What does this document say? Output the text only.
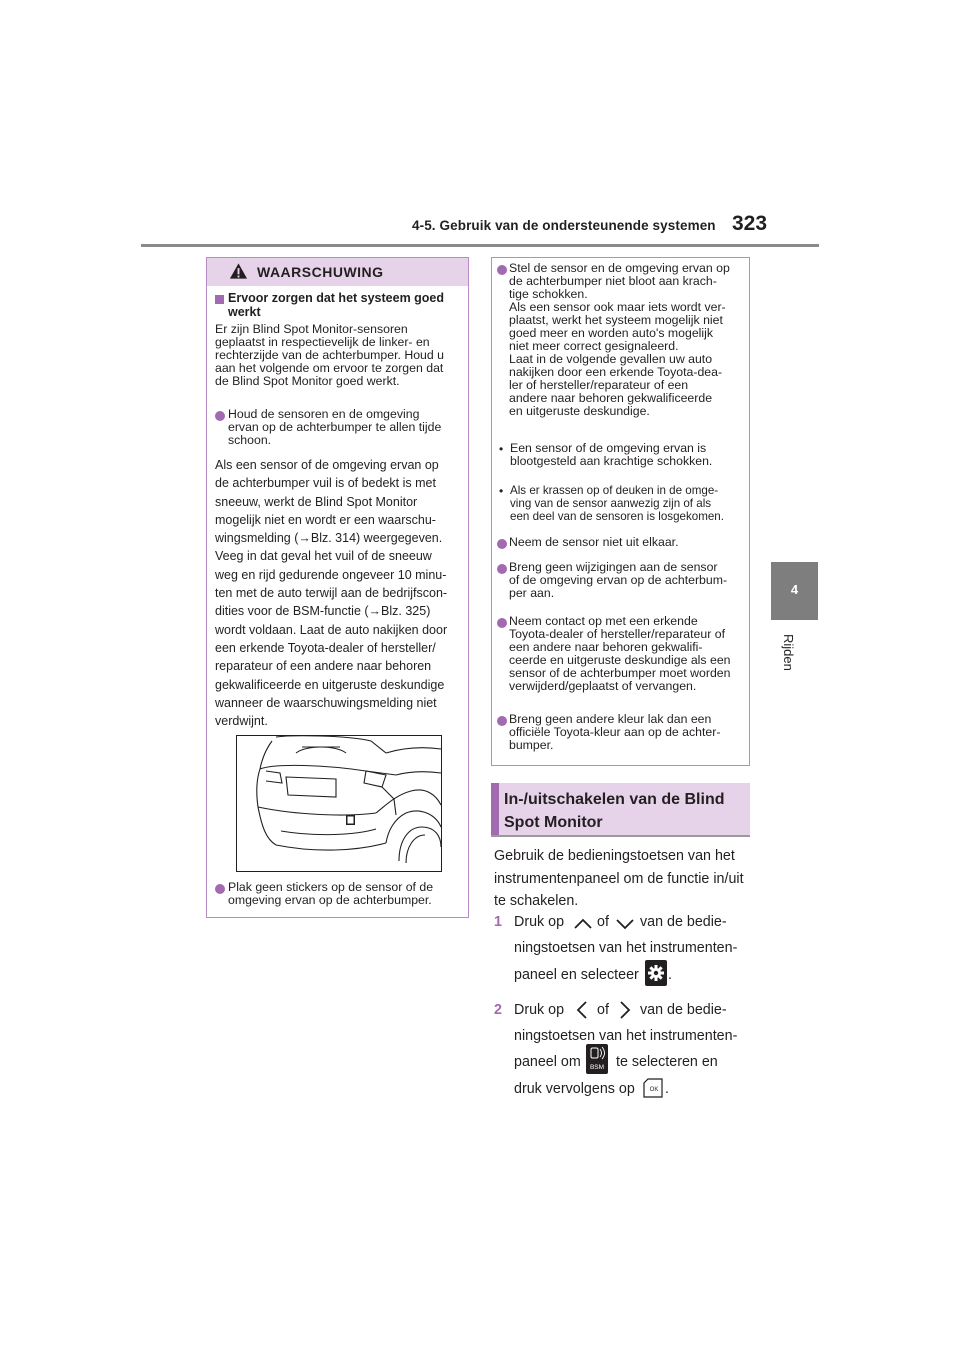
4-5. Gebruik van de ondersteunende systemen 323
4
Rijden
WAARSCHUWING
Ervoor zorgen dat het systeem goed werkt
Er zijn Blind Spot Monitor-sensoren
geplaatst in respectievelijk de linker- en
rechterzijde van de achterbumper. Houd u
aan het volgende om ervoor te zorgen dat
de Blind Spot Monitor goed werkt.
Houd de sensoren en de omgeving
ervan op de achterbumper te allen tijde
schoon.
Als een sensor of de omgeving ervan op
de achterbumper vuil is of bedekt is met
sneeuw, werkt de Blind Spot Monitor
mogelijk niet en wordt er een waarschu-
wingsmelding (→Blz. 314) weergegeven.
Veeg in dat geval het vuil of de sneeuw
weg en rijd gedurende ongeveer 10 minu-
ten met de auto terwijl aan de bedrijfscon-
dities voor de BSM-functie (→Blz. 325)
wordt voldaan. Laat de auto nakijken door
een erkende Toyota-dealer of hersteller/
reparateur of een andere naar behoren
gekwalificeerde en uitgeruste deskundige
wanneer de waarschuwingsmelding niet
verdwijnt.
Plak geen stickers op de sensor of de
omgeving ervan op de achterbumper.
Stel de sensor en de omgeving ervan op
de achterbumper niet bloot aan krach-
tige schokken.
Als een sensor ook maar iets wordt ver-
plaatst, werkt het systeem mogelijk niet
goed meer en worden auto's mogelijk
niet meer correct gesignaleerd.
Laat in de volgende gevallen uw auto
nakijken door een erkende Toyota-dea-
ler of hersteller/reparateur of een
andere naar behoren gekwalificeerde
en uitgeruste deskundige.
• Een sensor of de omgeving ervan is
blootgesteld aan krachtige schokken.
• Als er krassen op of deuken in de omge-
ving van de sensor aanwezig zijn of als
een deel van de sensoren is losgekomen.
Neem de sensor niet uit elkaar.
Breng geen wijzigingen aan de sensor
of de omgeving ervan op de achterbum-
per aan.
Neem contact op met een erkende
Toyota-dealer of hersteller/reparateur of
een andere naar behoren gekwalifi-
ceerde en uitgeruste deskundige als een
sensor of de achterbumper moet worden
verwijderd/geplaatst of vervangen.
Breng geen andere kleur lak dan een
officiële Toyota-kleur aan op de achter-
bumper.
In-/uitschakelen van de Blind
Spot Monitor
Gebruik de bedieningstoetsen van het
instrumentenpaneel om de functie in/uit
te schakelen.
1 Druk op of van de bedie-
ningstoetsen van het instrumenten-
paneel en selecteer .
2 Druk op of van de bedie-
ningstoetsen van het instrumenten-
paneel om BSM te selecteren en
druk vervolgens op OK .
